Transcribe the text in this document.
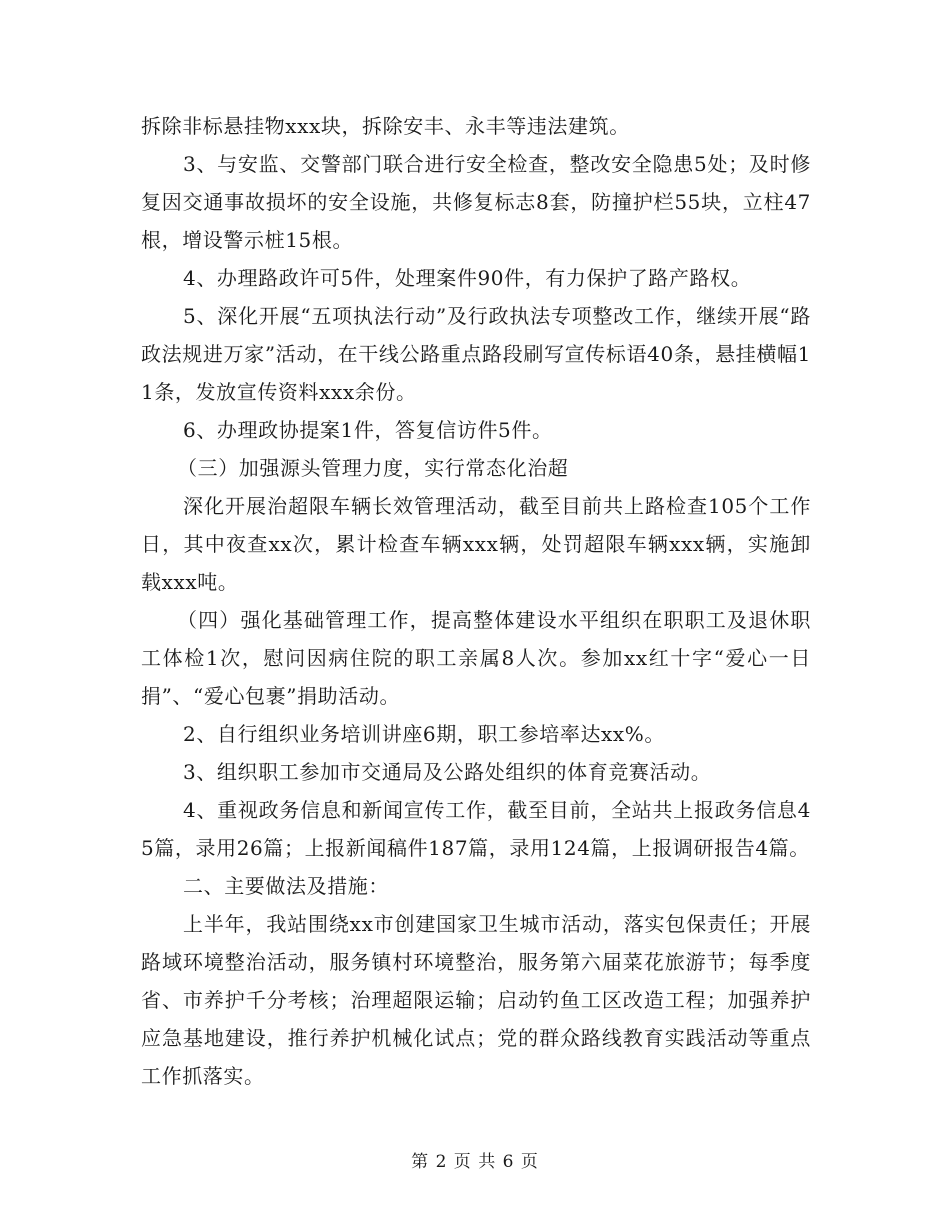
拆除非标悬挂物xxx块，拆除安丰、永丰等违法建筑。

3、与安监、交警部门联合进行安全检查，整改安全隐患5处；及时修复因交通事故损坏的安全设施，共修复标志8套，防撞护栏55块，立柱47根，增设警示桩15根。

4、办理路政许可5件，处理案件90件，有力保护了路产路权。

5、深化开展“五项执法行动”及行政执法专项整改工作，继续开展“路政法规进万家”活动，在干线公路重点路段刷写宣传标语40条，悬挂横幅11条，发放宣传资料xxx余份。

6、办理政协提案1件，答复信访件5件。

（三）加强源头管理力度，实行常态化治超

深化开展治超限车辆长效管理活动，截至目前共上路检查105个工作日，其中夜查xx次，累计检查车辆xxx辆，处罚超限车辆xxx辆，实施卸载xxx吨。

（四）强化基础管理工作，提高整体建设水平组织在职职工及退休职工体检1次，慰问因病住院的职工亲属8人次。参加xx红十字“爱心一日捐”、“爱心包裹”捐助活动。

2、自行组织业务培训讲座6期，职工参培率达xx%。

3、组织职工参加市交通局及公路处组织的体育竞赛活动。

4、重视政务信息和新闻宣传工作，截至目前，全站共上报政务信息45篇，录用26篇；上报新闻稿件187篇，录用124篇，上报调研报告4篇。

二、主要做法及措施：

上半年，我站围绕xx市创建国家卫生城市活动，落实包保责任；开展路域环境整治活动，服务镇村环境整治，服务第六届菜花旅游节；每季度省、市养护千分考核；治理超限运输；启动钓鱼工区改造工程；加强养护应急基地建设，推行养护机械化试点；党的群众路线教育实践活动等重点工作抓落实。

第 2 页 共 6 页
